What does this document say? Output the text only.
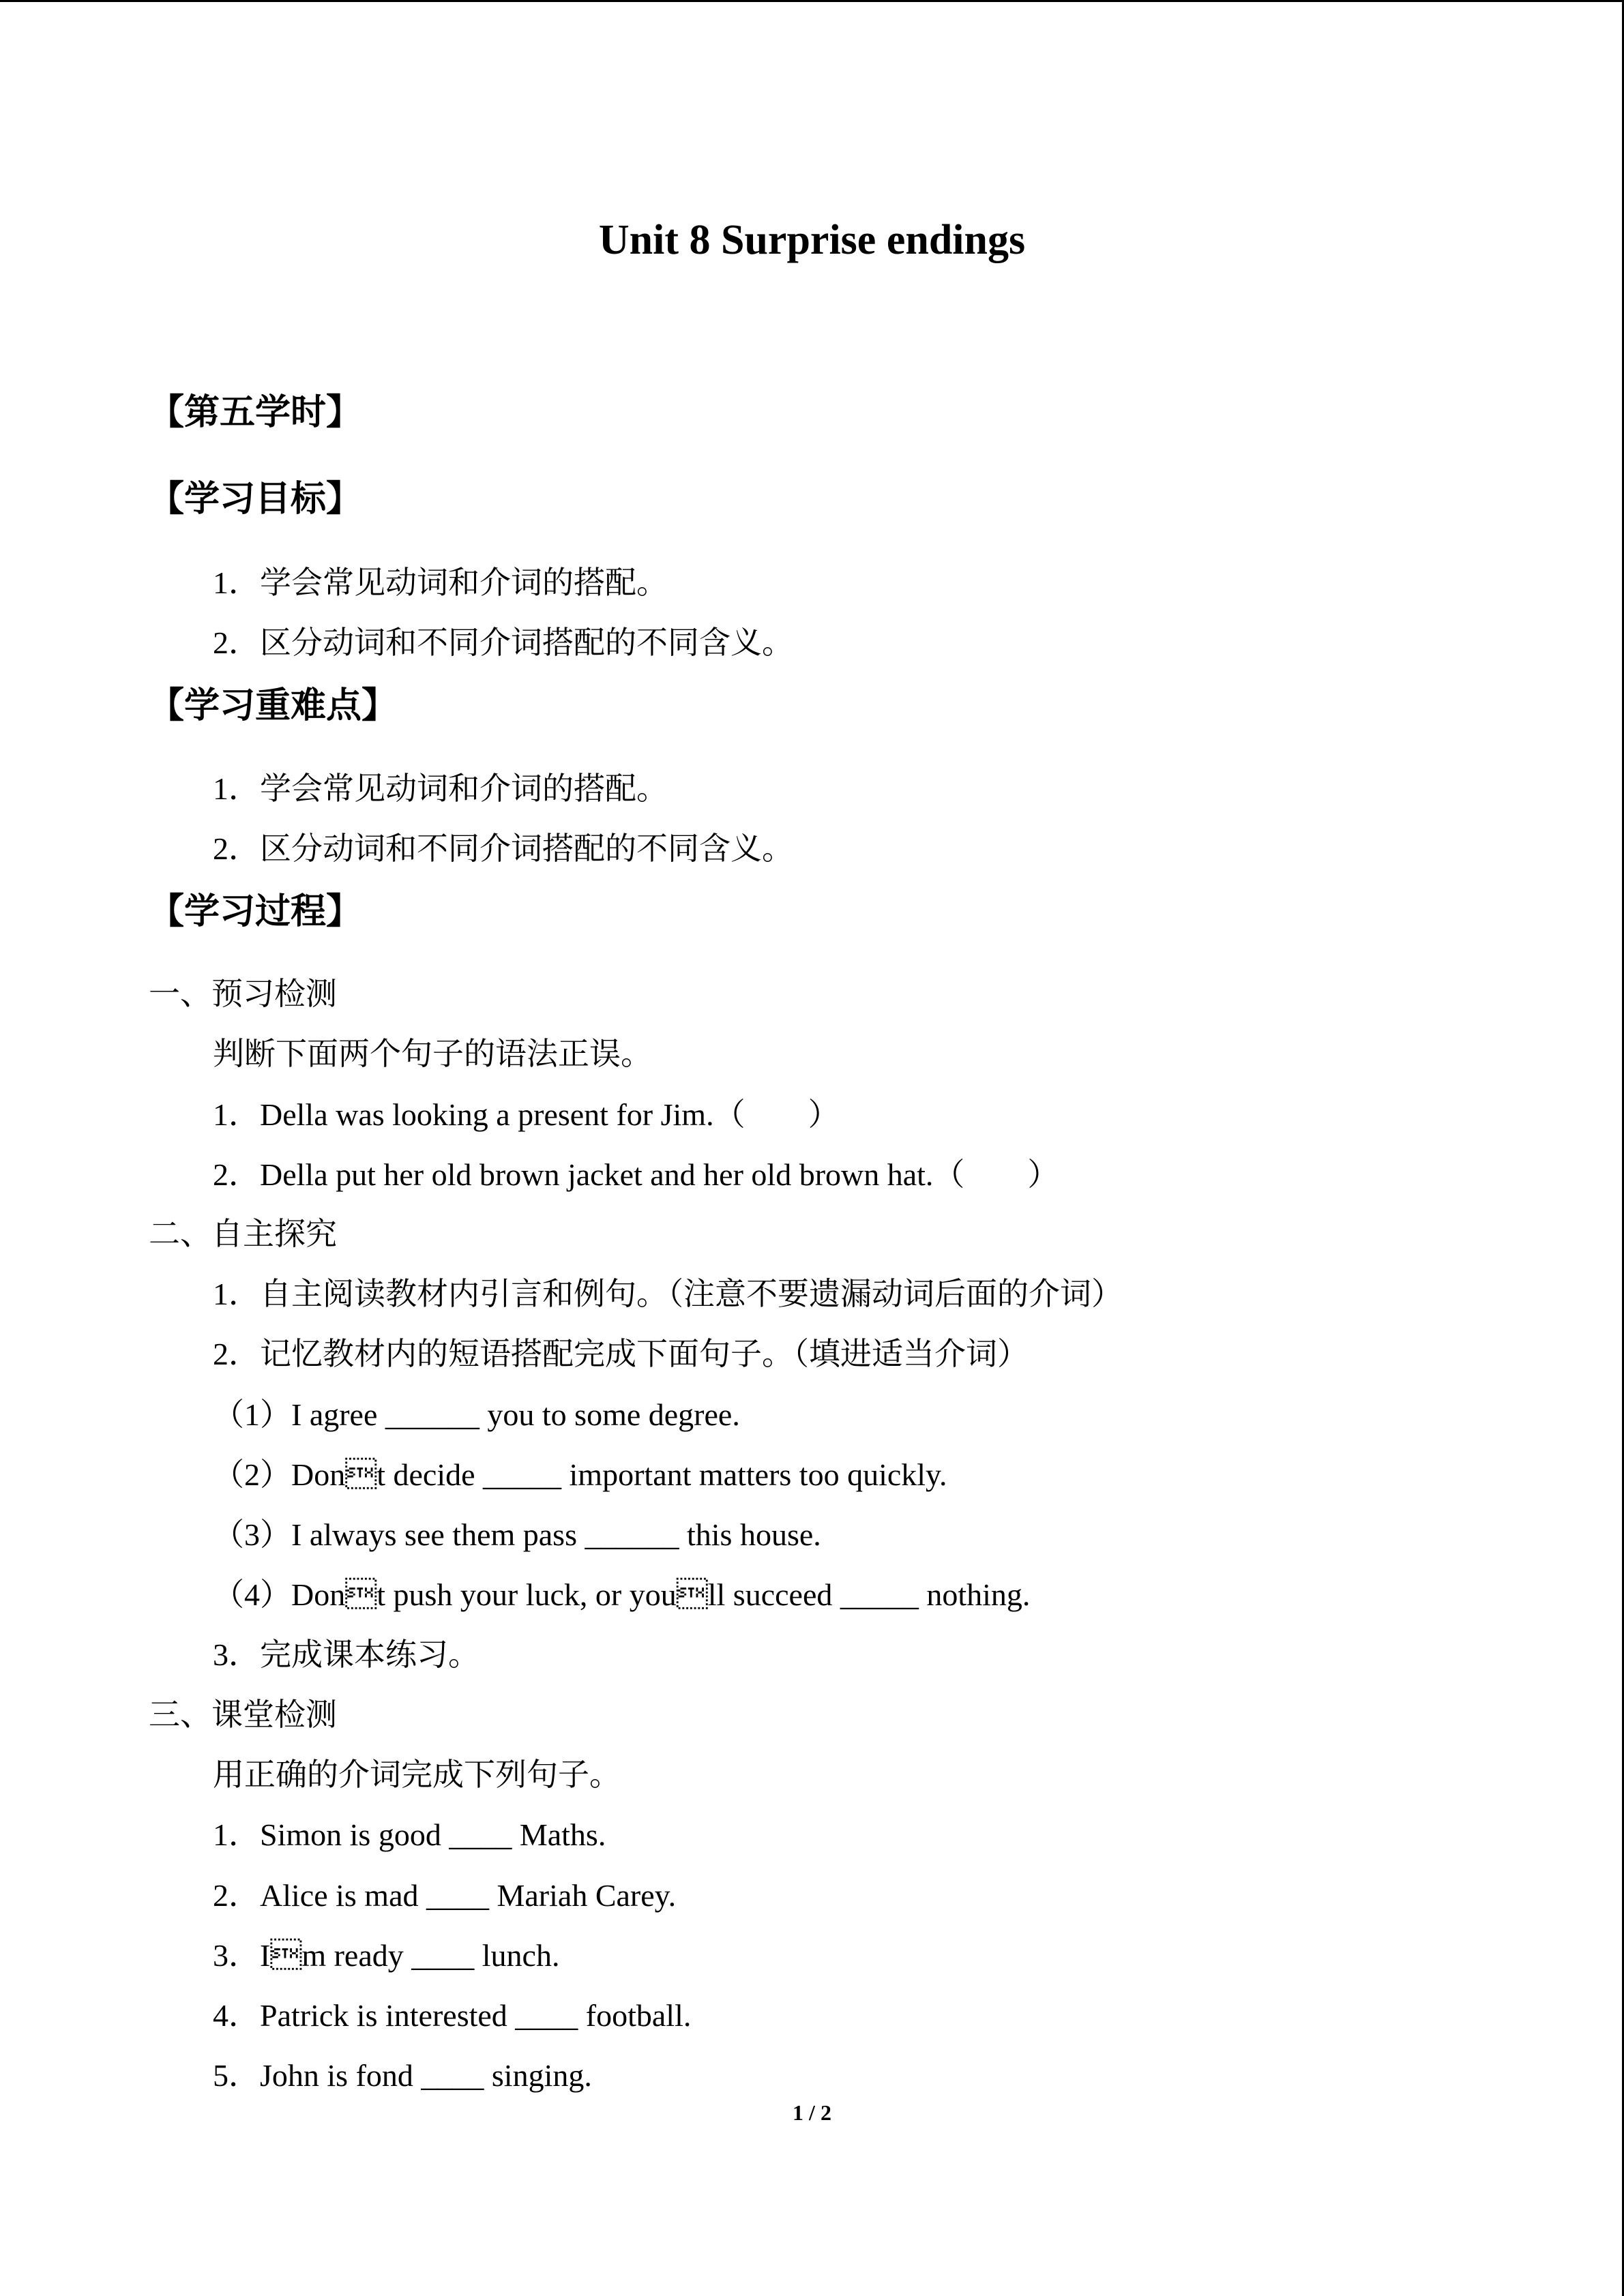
Unit 8 Surprise endings
【第五学时】
【学习目标】
1．学会常见动词和介词的搭配。
2．区分动词和不同介词搭配的不同含义。
【学习重难点】
1．学会常见动词和介词的搭配。
2．区分动词和不同介词搭配的不同含义。
【学习过程】
一、预习检测
判断下面两个句子的语法正误。
1．Della was looking a present for Jim.（　　）
2．Della put her old brown jacket and her old brown hat.（　　）
二、自主探究
1．自主阅读教材内引言和例句。（注意不要遗漏动词后面的介词）
2．记忆教材内的短语搭配完成下面句子。（填进适当介词）
（1）I agree ______ you to some degree.
（2）Dont decide _____ important matters too quickly.
（3）I always see them pass ______ this house.
（4）Dont push your luck, or youll succeed _____ nothing.
3．完成课本练习。
三、课堂检测
用正确的介词完成下列句子。
1．Simon is good ____ Maths.
2．Alice is mad ____ Mariah Carey.
3．Im ready ____ lunch.
4．Patrick is interested ____ football.
5．John is fond ____ singing.
1 / 2
